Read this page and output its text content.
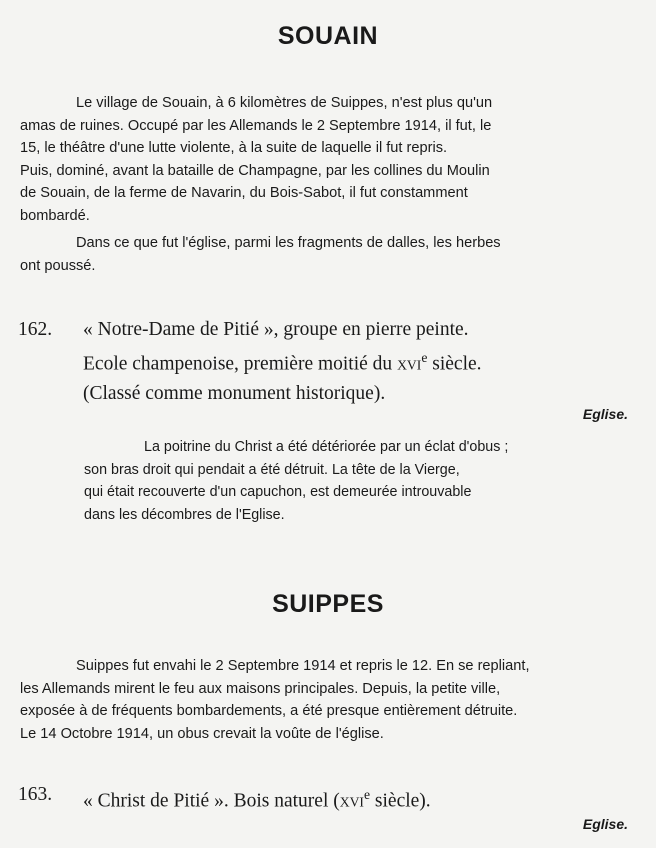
SOUAIN
Le village de Souain, à 6 kilomètres de Suippes, n'est plus qu'un
amas de ruines. Occupé par les Allemands le 2 Septembre 1914, il fut, le
15, le théâtre d'une lutte violente, à la suite de laquelle il fut repris.
Puis, dominé, avant la bataille de Champagne, par les collines du Moulin
de Souain, de la ferme de Navarin, du Bois-Sabot, il fut constamment
bombardé.
Dans ce que fut l'église, parmi les fragments de dalles, les herbes
ont poussé.
162. « Notre-Dame de Pitié », groupe en pierre peinte.
Ecole champenoise, première moitié du XVIe siècle.
(Classé comme monument historique).
Eglise.
La poitrine du Christ a été détériorée par un éclat d'obus ;
son bras droit qui pendait a été détruit. La tête de la Vierge,
qui était recouverte d'un capuchon, est demeurée introuvable
dans les décombres de l'Eglise.
SUIPPES
Suippes fut envahi le 2 Septembre 1914 et repris le 12. En se repliant,
les Allemands mirent le feu aux maisons principales. Depuis, la petite ville,
exposée à de fréquents bombardements, a été presque entièrement détruite.
Le 14 Octobre 1914, un obus crevait la voûte de l'église.
163. « Christ de Pitié ». Bois naturel (XVIe siècle).
Eglise.
